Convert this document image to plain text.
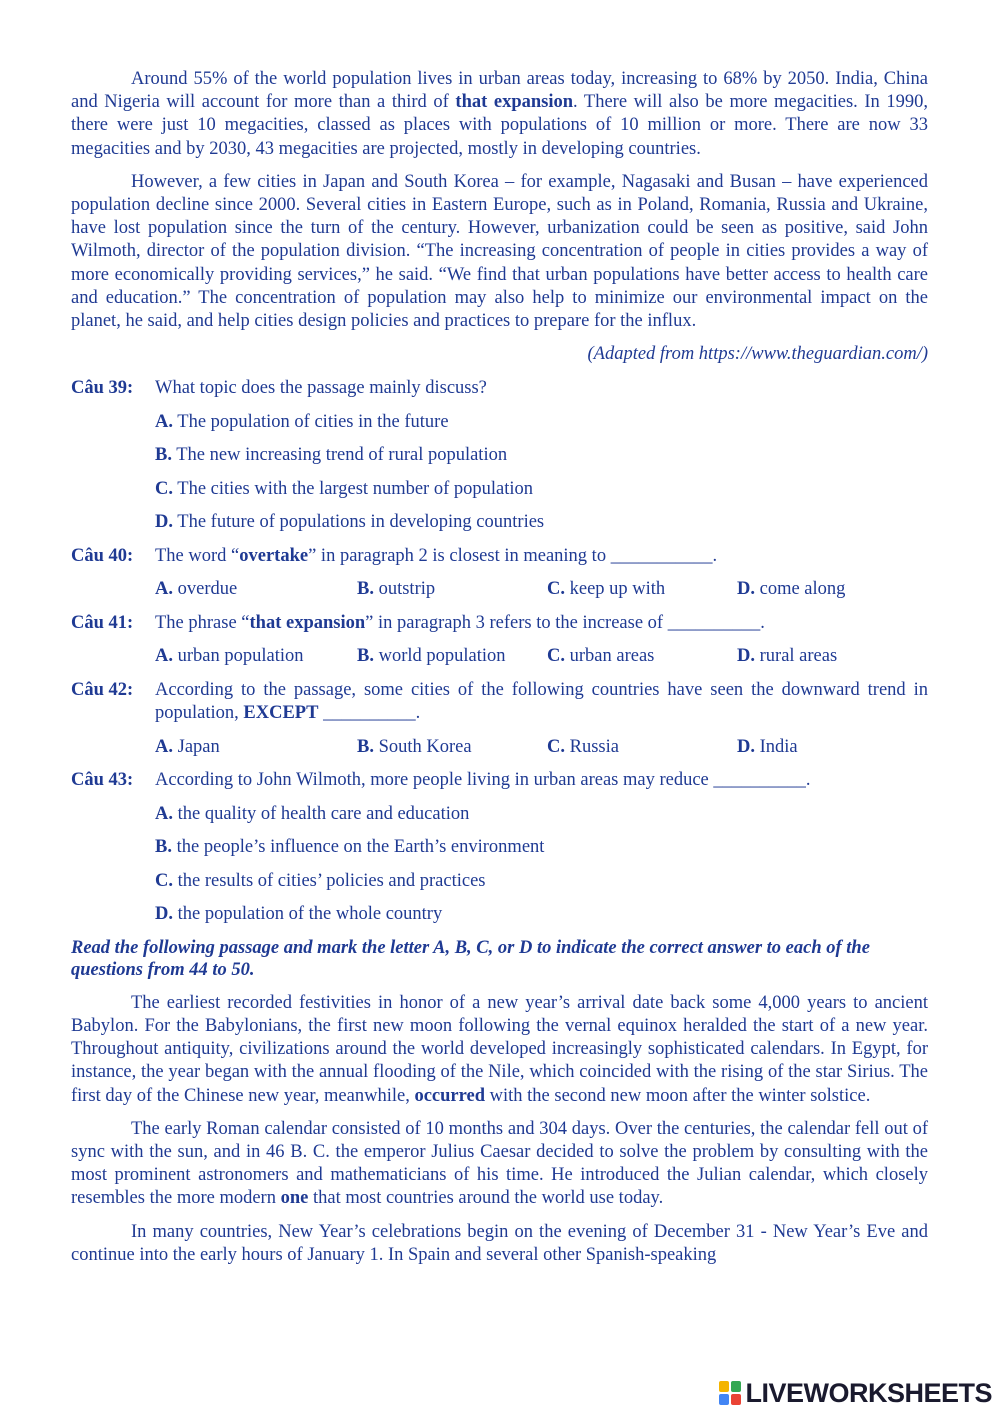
Around 55% of the world population lives in urban areas today, increasing to 68% by 2050. India, China and Nigeria will account for more than a third of that expansion. There will also be more megacities. In 1990, there were just 10 megacities, classed as places with populations of 10 million or more. There are now 33 megacities and by 2030, 43 megacities are projected, mostly in developing countries.

However, a few cities in Japan and South Korea – for example, Nagasaki and Busan – have experienced population decline since 2000. Several cities in Eastern Europe, such as in Poland, Romania, Russia and Ukraine, have lost population since the turn of the century. However, urbanization could be seen as positive, said John Wilmoth, director of the population division. “The increasing concentration of people in cities provides a way of more economically providing services,” he said. “We find that urban populations have better access to health care and education.” The concentration of population may also help to minimize our environmental impact on the planet, he said, and help cities design policies and practices to prepare for the influx.

(Adapted from https://www.theguardian.com/)
Câu 39:	What topic does the passage mainly discuss?
A. The population of cities in the future
B. The new increasing trend of rural population
C. The cities with the largest number of population
D. The future of populations in developing countries
Câu 40:	The word “overtake” in paragraph 2 is closest in meaning to ___________.
A. overdue	B. outstrip	C. keep up with	D. come along
Câu 41:	The phrase “that expansion” in paragraph 3 refers to the increase of __________.
A. urban population	B. world population	C. urban areas	D. rural areas
Câu 42:	According to the passage, some cities of the following countries have seen the downward trend in population, EXCEPT __________.
A. Japan	B. South Korea	C. Russia	D. India
Câu 43:	According to John Wilmoth, more people living in urban areas may reduce __________.
A. the quality of health care and education
B. the people’s influence on the Earth’s environment
C. the results of cities’ policies and practices
D. the population of the whole country

Read the following passage and mark the letter A, B, C, or D to indicate the correct answer to each of the questions from 44 to 50.

The earliest recorded festivities in honor of a new year’s arrival date back some 4,000 years to ancient Babylon. For the Babylonians, the first new moon following the vernal equinox heralded the start of a new year. Throughout antiquity, civilizations around the world developed increasingly sophisticated calendars. In Egypt, for instance, the year began with the annual flooding of the Nile, which coincided with the rising of the star Sirius. The first day of the Chinese new year, meanwhile, occurred with the second new moon after the winter solstice.

The early Roman calendar consisted of 10 months and 304 days. Over the centuries, the calendar fell out of sync with the sun, and in 46 B. C. the emperor Julius Caesar decided to solve the problem by consulting with the most prominent astronomers and mathematicians of his time. He introduced the Julian calendar, which closely resembles the more modern one that most countries around the world use today.

In many countries, New Year’s celebrations begin on the evening of December 31 - New Year’s Eve and continue into the early hours of January 1. In Spain and several other Spanish-speaking

LIVEWORKSHEETS
